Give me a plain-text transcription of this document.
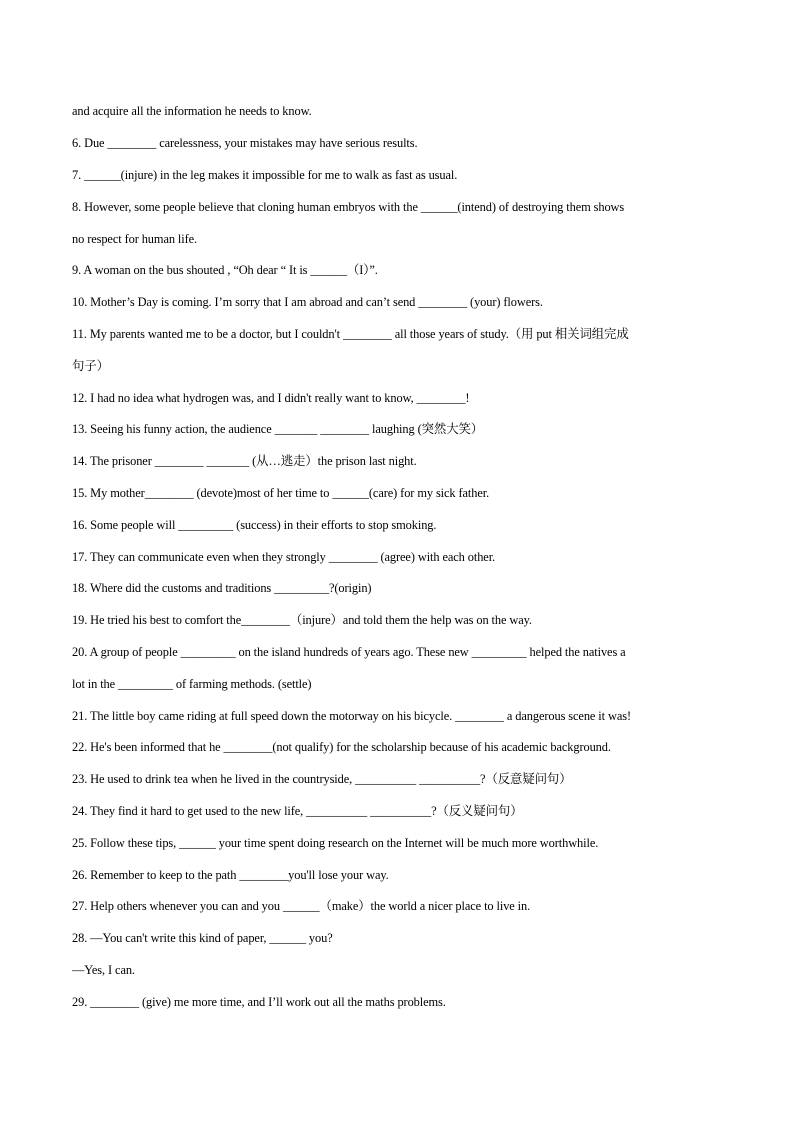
and acquire all the information he needs to know.
6. Due ________ carelessness, your mistakes may have serious results.
7. ______(injure) in the leg makes it impossible for me to walk as fast as usual.
8. However, some people believe that cloning human embryos with the ______(intend) of destroying them shows
no respect for human life.
9. A woman on the bus shouted , “Oh dear “ It is ______（I）”.
10. Mother’s Day is coming. I’m sorry that I am abroad and can’t send ________ (your) flowers.
11. My parents wanted me to be a doctor, but I couldn't ________ all those years of study.（用 put 相关词组完成
句子）
12. I had no idea what hydrogen was, and I didn't really want to know, ________!
13. Seeing his funny action, the audience _______ ________ laughing (突然大笑）
14. The prisoner ________ _______ (从…逃走）the prison last night.
15. My mother________ (devote)most of her time to ______(care) for my sick father.
16. Some people will _________ (success) in their efforts to stop smoking.
17. They can communicate even when they strongly ________ (agree) with each other.
18. Where did the customs and traditions _________?(origin)
19. He tried his best to comfort the________（injure）and told them the help was on the way.
20. A group of people _________ on the island hundreds of years ago. These new _________ helped the natives a
lot in the _________ of farming methods. (settle)
21. The little boy came riding at full speed down the motorway on his bicycle. ________ a dangerous scene it was!
22. He's been informed that he ________(not qualify) for the scholarship because of his academic background.
23. He used to drink tea when he lived in the countryside, __________ __________?（反意疑问句）
24. They find it hard to get used to the new life, __________ __________?（反义疑问句）
25. Follow these tips, ______ your time spent doing research on the Internet will be much more worthwhile.
26. Remember to keep to the path ________you'll lose your way.
27. Help others whenever you can and you ______（make）the world a nicer place to live in.
28. —You can't write this kind of paper, ______ you?
—Yes, I can.
29. ________ (give) me more time, and I’ll work out all the maths problems.
